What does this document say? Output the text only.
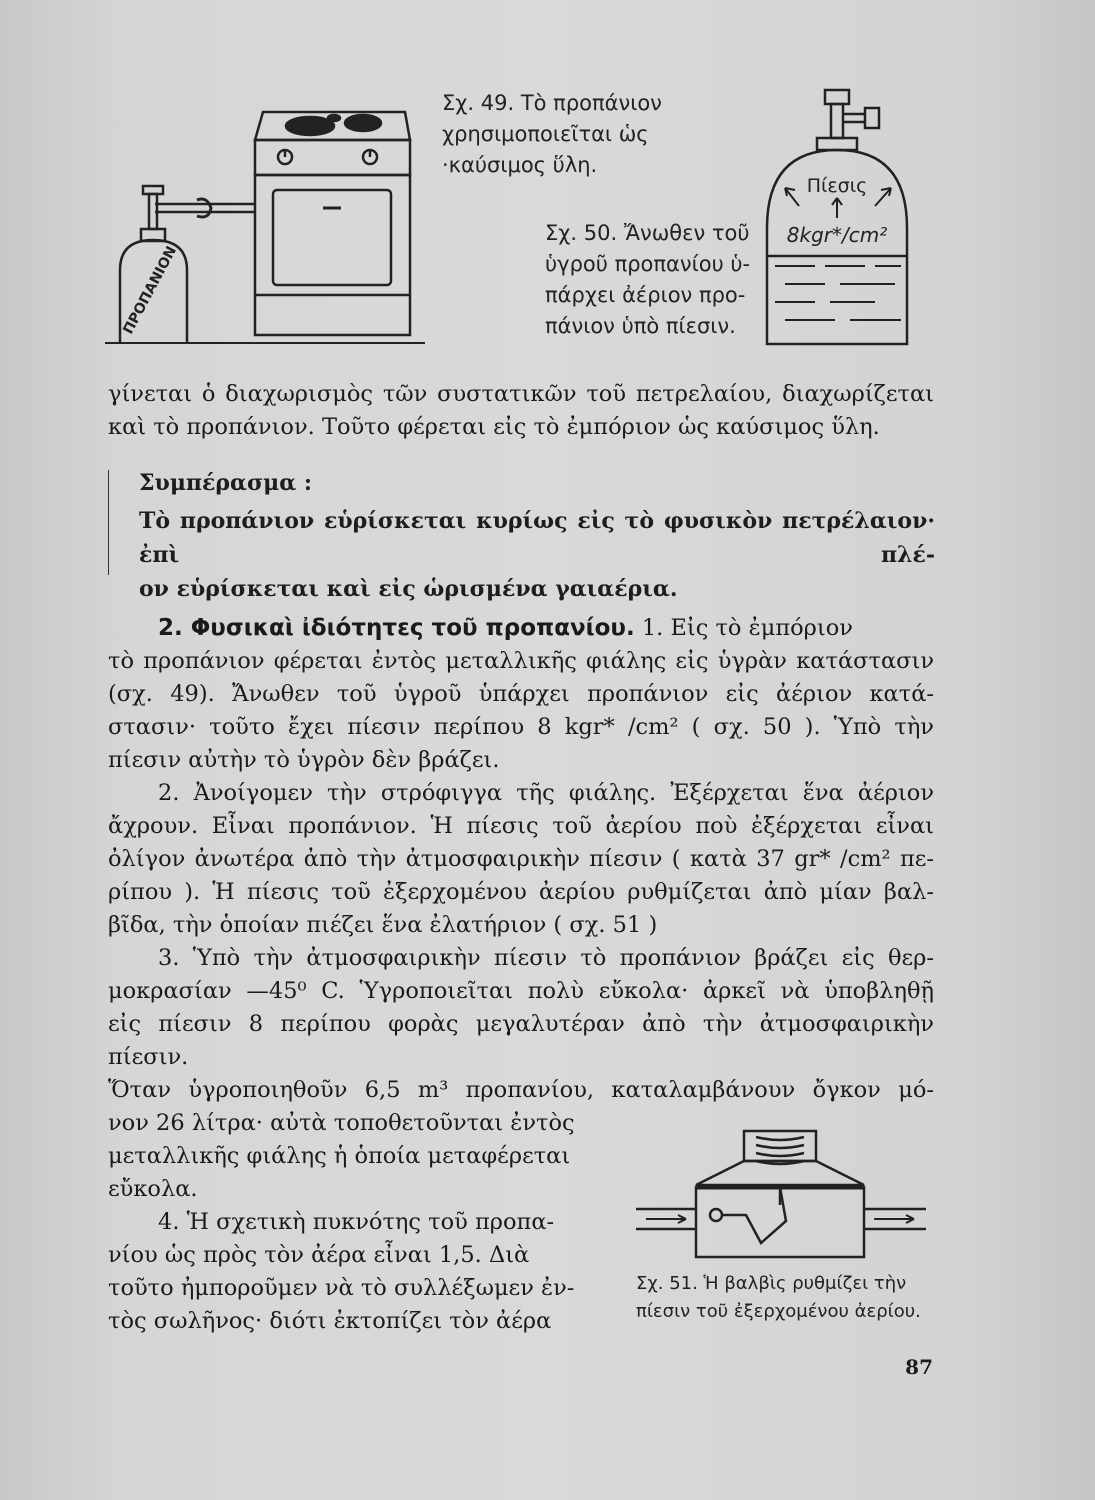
ΠΡΟΠΑΝΙΟΝ
Σχ. 49. Τὸ προπάνιον
χρησιμοποιεῖται ὡς
·καύσιμος ὕλη.
Σχ. 50. Ἄνωθεν τοῦ
ὑγροῦ προπανίου ὑ-
πάρχει ἀέριον προ-
πάνιον ὑπὸ πίεσιν.
Πίεσις
8kgr*/cm²
γίνεται ὁ διαχωρισμὸς τῶν συστατικῶν τοῦ πετρελαίου, διαχωρίζεται
καὶ τὸ προπάνιον. Τοῦτο φέρεται εἰς τὸ ἐμπόριον ὡς καύσιμος ὕλη.
Συμπέρασμα :
Τὸ προπάνιον εὑρίσκεται κυρίως εἰς τὸ φυσικὸν πετρέλαιον· ἐπὶ πλέ-
ον εὑρίσκεται καὶ εἰς ὡρισμένα γαιαέρια.
2. Φυσικαὶ ἰδιότητες τοῦ προπανίου. 1. Εἰς τὸ ἐμπόριον
τὸ προπάνιον φέρεται ἐντὸς μεταλλικῆς φιάλης εἰς ὑγρὰν κατάστασιν
(σχ. 49). Ἄνωθεν τοῦ ὑγροῦ ὑπάρχει προπάνιον εἰς ἀέριον κατά-
στασιν· τοῦτο ἔχει πίεσιν περίπου 8 kgr* /cm² ( σχ. 50 ). Ὑπὸ τὴν
πίεσιν αὐτὴν τὸ ὑγρὸν δὲν βράζει.
2. Ἀνοίγομεν τὴν στρόφιγγα τῆς φιάλης. Ἐξέρχεται ἕνα ἀέριον
ἄχρουν. Εἶναι προπάνιον. Ἡ πίεσις τοῦ ἀερίου ποὺ ἐξέρχεται εἶναι
ὀλίγον ἀνωτέρα ἀπὸ τὴν ἀτμοσφαιρικὴν πίεσιν ( κατὰ 37 gr* /cm² πε-
ρίπου ). Ἡ πίεσις τοῦ ἐξερχομένου ἀερίου ρυθμίζεται ἀπὸ μίαν βαλ-
βῖδα, τὴν ὁποίαν πιέζει ἕνα ἐλατήριον ( σχ. 51 )
3. Ὑπὸ τὴν ἀτμοσφαιρικὴν πίεσιν τὸ προπάνιον βράζει εἰς θερ-
μοκρασίαν —45⁰ C. Ὑγροποιεῖται πολὺ εὔκολα· ἀρκεῖ νὰ ὑποβληθῇ
εἰς πίεσιν 8 περίπου φορὰς μεγαλυτέραν ἀπὸ τὴν ἀτμοσφαιρικὴν πίεσιν.
Ὅταν ὑγροποιηθοῦν 6,5 m³ προπανίου, καταλαμβάνουν ὄγκον μό-
νον 26 λίτρα· αὐτὰ τοποθετοῦνται ἐντὸς
μεταλλικῆς φιάλης ἡ ὁποία μεταφέρεται
εὔκολα.
4. Ἡ σχετικὴ πυκνότης τοῦ προπα-
νίου ὡς πρὸς τὸν ἀέρα εἶναι 1,5. Διὰ
τοῦτο ἠμποροῦμεν νὰ τὸ συλλέξωμεν ἐν-
τὸς σωλῆνος· διότι ἐκτοπίζει τὸν ἀέρα
Σχ. 51. Ἡ βαλβὶς ρυθμίζει τὴν
πίεσιν τοῦ ἐξερχομένου ἀερίου.
87
